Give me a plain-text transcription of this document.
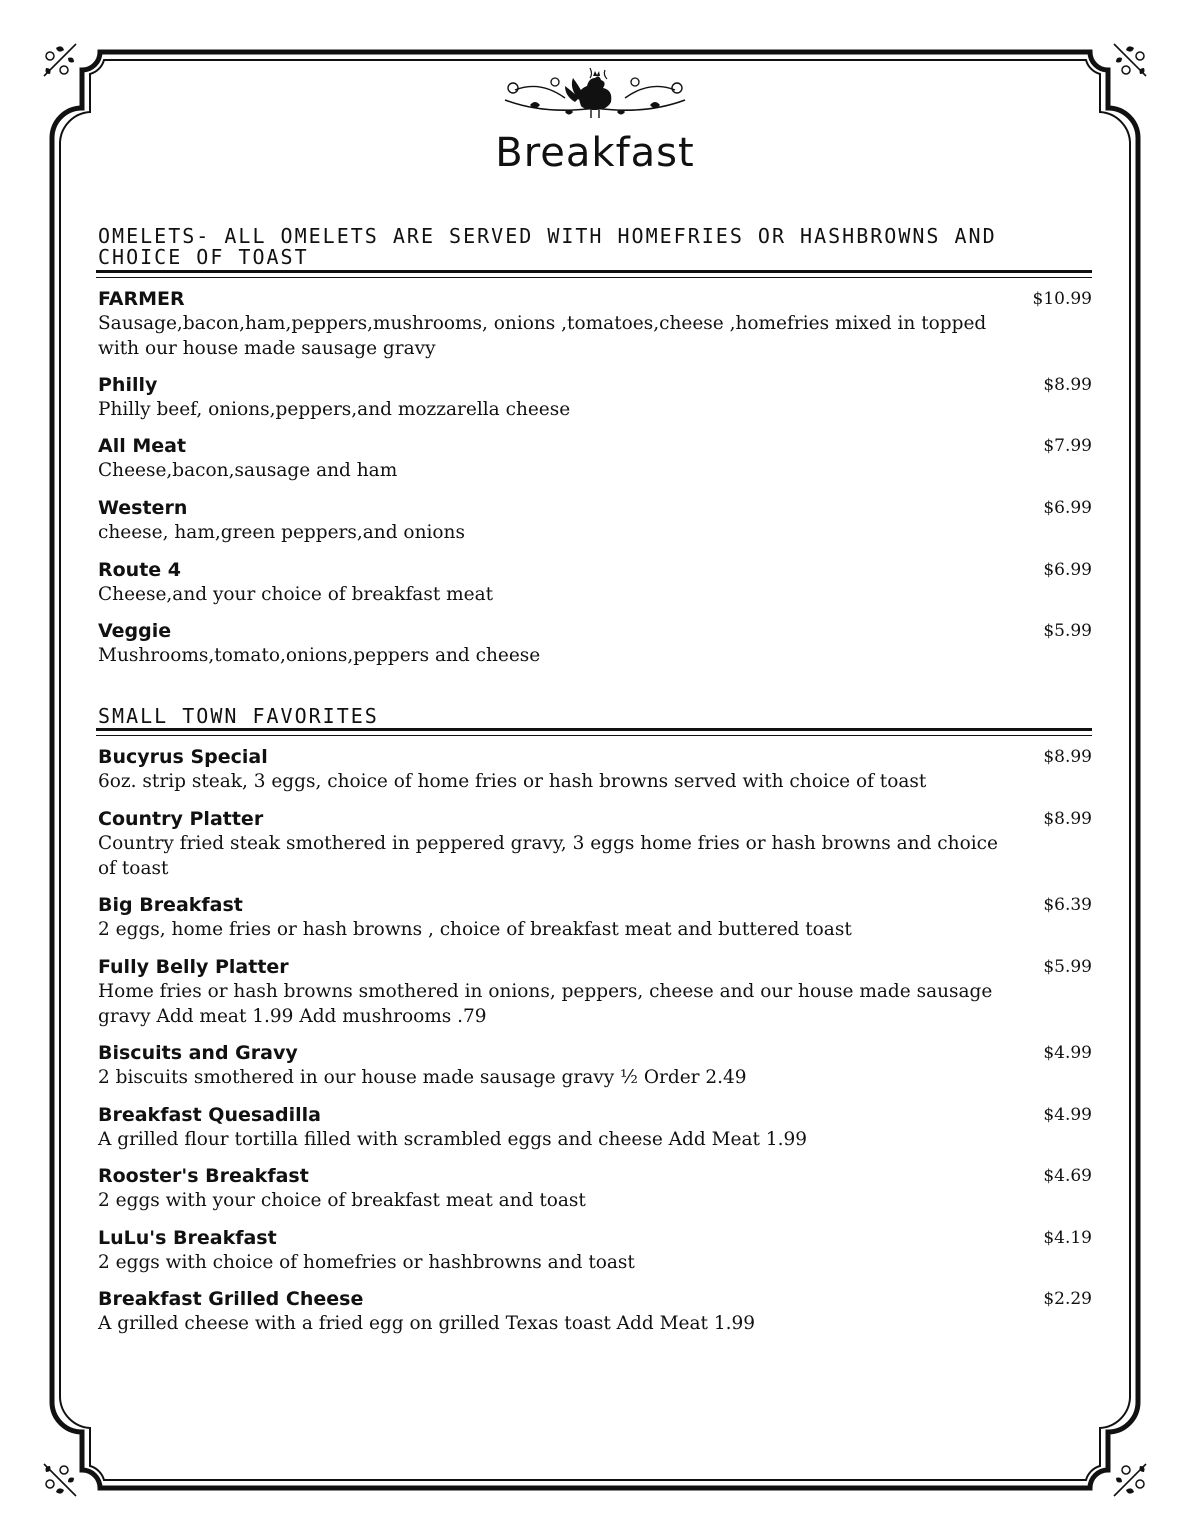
Breakfast
OMELETS- ALL OMELETS ARE SERVED WITH HOMEFRIES OR HASHBROWNS AND CHOICE OF TOAST
FARMER	$10.99
Sausage,bacon,ham,peppers,mushrooms, onions ,tomatoes,cheese ,homefries mixed in topped with our house made sausage gravy
Philly	$8.99
Philly beef, onions,peppers,and mozzarella cheese
All Meat	$7.99
Cheese,bacon,sausage and ham
Western	$6.99
cheese, ham,green peppers,and onions
Route 4	$6.99
Cheese,and your choice of breakfast meat
Veggie	$5.99
Mushrooms,tomato,onions,peppers and cheese
SMALL TOWN FAVORITES
Bucyrus Special	$8.99
6oz. strip steak, 3 eggs, choice of home fries or hash browns served with choice of toast
Country Platter	$8.99
Country fried steak smothered in peppered gravy, 3 eggs home fries or hash browns and choice of toast
Big Breakfast	$6.39
2 eggs, home fries or hash browns , choice of breakfast meat and buttered toast
Fully Belly Platter	$5.99
Home fries or hash browns smothered in onions, peppers, cheese and our house made sausage gravy Add meat 1.99 Add mushrooms .79
Biscuits and Gravy	$4.99
2 biscuits smothered in our house made sausage gravy ½ Order 2.49
Breakfast Quesadilla	$4.99
A grilled flour tortilla filled with scrambled eggs and cheese Add Meat 1.99
Rooster's Breakfast	$4.69
2 eggs with your choice of breakfast meat and toast
LuLu's Breakfast	$4.19
2 eggs with choice of homefries or hashbrowns and toast
Breakfast Grilled Cheese	$2.29
A grilled cheese with a fried egg on grilled Texas toast Add Meat 1.99
